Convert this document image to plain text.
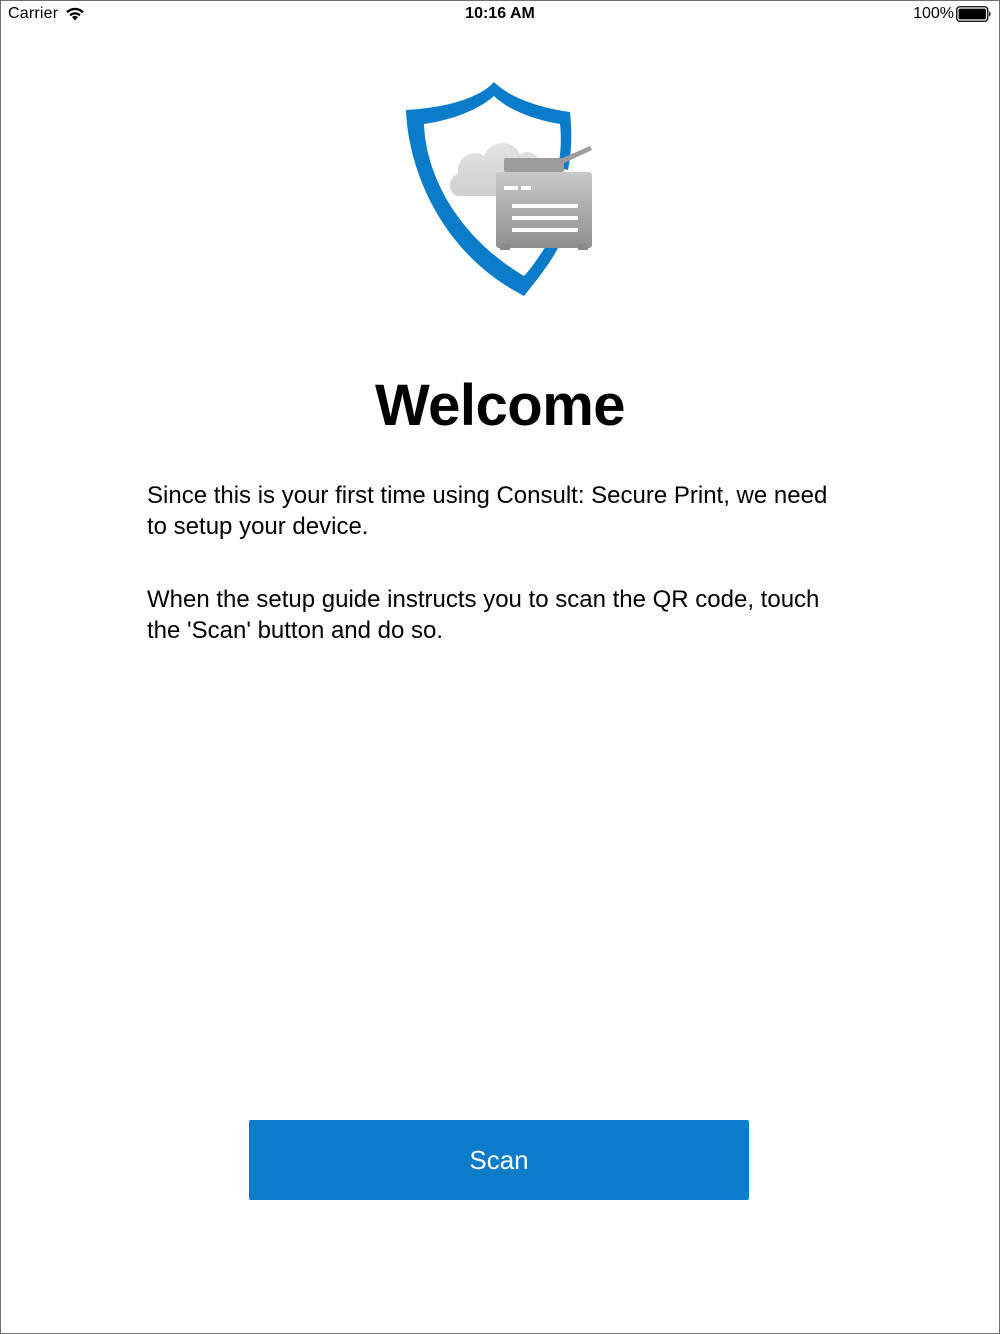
Carrier	10:16 AM	100%
Welcome
Since this is your first time using Consult: Secure Print, we need to setup your device.
When the setup guide instructs you to scan the QR code, touch the 'Scan' button and do so.
Scan
